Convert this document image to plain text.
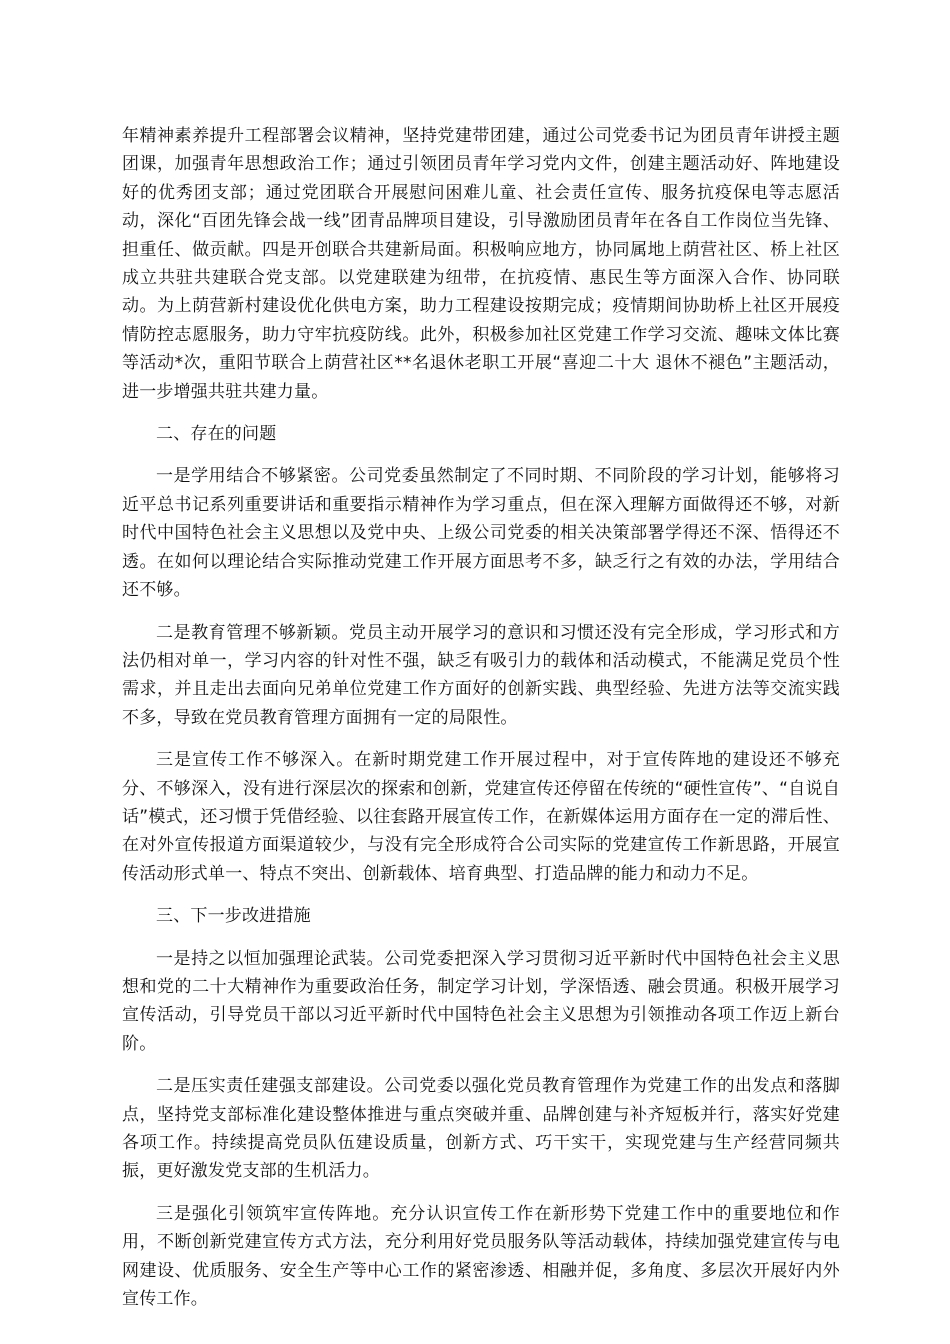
年精神素养提升工程部署会议精神，坚持党建带团建，通过公司党委书记为团员青年讲授主题团课，加强青年思想政治工作；通过引领团员青年学习党内文件，创建主题活动好、阵地建设好的优秀团支部；通过党团联合开展慰问困难儿童、社会责任宣传、服务抗疫保电等志愿活动，深化“百团先锋会战一线”团青品牌项目建设，引导激励团员青年在各自工作岗位当先锋、担重任、做贡献。四是开创联合共建新局面。积极响应地方，协同属地上荫营社区、桥上社区成立共驻共建联合党支部。以党建联建为纽带，在抗疫情、惠民生等方面深入合作、协同联动。为上荫营新村建设优化供电方案，助力工程建设按期完成；疫情期间协助桥上社区开展疫情防控志愿服务，助力守牢抗疫防线。此外，积极参加社区党建工作学习交流、趣味文体比赛等活动*次，重阳节联合上荫营社区**名退休老职工开展“喜迎二十大 退休不褪色”主题活动，进一步增强共驻共建力量。

二、存在的问题

一是学用结合不够紧密。公司党委虽然制定了不同时期、不同阶段的学习计划，能够将习近平总书记系列重要讲话和重要指示精神作为学习重点，但在深入理解方面做得还不够，对新时代中国特色社会主义思想以及党中央、上级公司党委的相关决策部署学得还不深、悟得还不透。在如何以理论结合实际推动党建工作开展方面思考不多，缺乏行之有效的办法，学用结合还不够。

二是教育管理不够新颖。党员主动开展学习的意识和习惯还没有完全形成，学习形式和方法仍相对单一，学习内容的针对性不强，缺乏有吸引力的载体和活动模式，不能满足党员个性需求，并且走出去面向兄弟单位党建工作方面好的创新实践、典型经验、先进方法等交流实践不多，导致在党员教育管理方面拥有一定的局限性。

三是宣传工作不够深入。在新时期党建工作开展过程中，对于宣传阵地的建设还不够充分、不够深入，没有进行深层次的探索和创新，党建宣传还停留在传统的“硬性宣传”、“自说自话”模式，还习惯于凭借经验、以往套路开展宣传工作，在新媒体运用方面存在一定的滞后性、在对外宣传报道方面渠道较少，与没有完全形成符合公司实际的党建宣传工作新思路，开展宣传活动形式单一、特点不突出、创新载体、培育典型、打造品牌的能力和动力不足。

三、下一步改进措施

一是持之以恒加强理论武装。公司党委把深入学习贯彻习近平新时代中国特色社会主义思想和党的二十大精神作为重要政治任务，制定学习计划，学深悟透、融会贯通。积极开展学习宣传活动，引导党员干部以习近平新时代中国特色社会主义思想为引领推动各项工作迈上新台阶。

二是压实责任建强支部建设。公司党委以强化党员教育管理作为党建工作的出发点和落脚点，坚持党支部标准化建设整体推进与重点突破并重、品牌创建与补齐短板并行，落实好党建各项工作。持续提高党员队伍建设质量，创新方式、巧干实干，实现党建与生产经营同频共振，更好激发党支部的生机活力。

三是强化引领筑牢宣传阵地。充分认识宣传工作在新形势下党建工作中的重要地位和作用，不断创新党建宣传方式方法，充分利用好党员服务队等活动载体，持续加强党建宣传与电网建设、优质服务、安全生产等中心工作的紧密渗透、相融并促，多角度、多层次开展好内外宣传工作。
